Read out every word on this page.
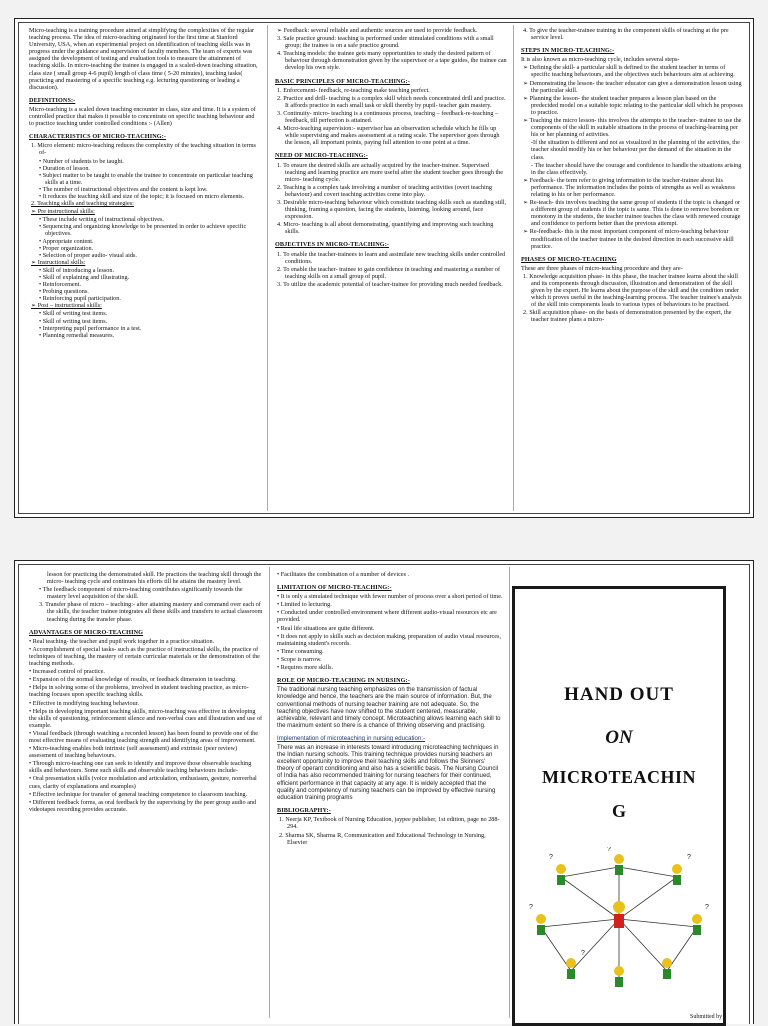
Micro-teaching is a training procedure aimed at simplifying the complexities of the regular teaching process. The idea of micro-teaching originated for the first time at Stanford University, USA, when an experimental project on identification of teaching skills was in progress under the guidance and supervision of faculty members. The team of experts was assigned the development of testing and evaluation tools to measure the attainment of teaching skills. In micro-teaching the trainee is engaged in a scaled-down teaching situation, class size ( small group 4-6 pupil) length of class time ( 5-20 minutes), teaching tasks( practicing and mastering of a specific teaching e.g. lecturing questioning or leading a discussion).

DEFINITIONS:-

Micro-teaching is a scaled down teaching encounter in class, size and time. It is a system of controlled practice that makes it possible to concentrate on specific teaching behaviour and to practice teaching under controlled conditions :- (Allen)

CHARACTERISTICS OF MICRO-TEACHING:-

1. Micro element: micro-teaching reduces the complexity of the teaching situation in terms of-

• Number of students to be taught.

• Duration of lesson.

• Subject matter to be taught to enable the trainee to concentrate on particular teaching skills at a time.

• The number of instructional objectives and the content is kept low.

• It reduces the teaching skill and size of the topic; it is focused on micro elements.

2. Teaching skills and teaching strategies:

➢ Pre instructional skills:

• These include writing of instructional objectives.

• Sequencing and organizing knowledge to be presented in order to achieve specific objectives.

• Appropriate content.

• Proper organization.

• Selection of proper audio- visual aids.

➢ Instructional skills:

• Skill of introducing a lesson.

• Skill of explaining and illustrating.

• Reinforcement.

• Probing questions.

• Reinforcing pupil participation.

➢ Post – instructional skills:

• Skill of writing test items.

• Skill of writing test items.

• Interpreting pupil performance in a test.

• Planning remedial measures.

➢ Feedback: several reliable and authentic sources are used to provide feedback.

3. Safe practice ground: teaching is performed under stimulated conditions with a small group; the trainee is on a safe practice ground.

4. Teaching models: the trainee gets many opportunities to study the desired pattern of behaviour through demonstration given by the supervisor or a tape guides, the trainee can develop his own style.

BASIC PRINCIPLES OF MICRO-TEACHING:-

1. Enforcement- feedback, re-teaching make teaching perfect.

2. Practice and drill- teaching is a complex skill which needs concentrated drill and practice. It affords practice in each small task or skill thereby by pupil- teacher gain mastery.

3. Continuity- micro- teaching is a continuous process, teaching – feedback-re-teaching – feedback, till perfection is attained.

4. Micro-teaching supervision:- supervisor has an observation schedule which he fills up while supervising and makes assessment at a rating scale. The supervisor goes through the lesson, all important points, paying full attention to one point at a time.

NEED OF MICRO-TEACHING:-

1. To ensure the desired skills are actually acquired by the teacher-trainee. Supervised teaching and learning practice are more useful after the student teacher goes through the micro- teaching cycle.

2. Teaching is a complex task involving a number of teaching activities (overt teaching behaviour) and covert teaching activities come into play.

3. Desirable micro-teaching behaviour which constitute teaching skills such as standing still, thinking, framing a question, facing the students, listening, looking around, face expression.

4. Micro- teaching is all about demonstrating, quantifying and improving such teaching skills.

OBJECTIVES IN MICRO-TEACHING:-

1. To enable the teacher-trainees to learn and assimilate new teaching skills under controlled conditions.

2. To enable the teacher- trainee to gain confidence in teaching and mastering a number of teaching skills on a small group of pupil.

3. To utilize the academic potential of teacher-trainee for providing much needed feedback.

4. To give the teacher-trainee training in the component skills of teaching at the pre service level.

STEPS IN MICRO-TEACHING:-

It is also known as micro-teaching cycle, includes several steps-

➢ Defining the skill- a particular skill is defined to the student teacher in terms of specific teaching behaviours, and the objectives such behaviours aim at achieving.

➢ Demonstrating the lesson- the teacher educator can give a demonstration lesson using the particular skill.

➢ Planning the lesson- the student teacher prepares a lesson plan based on the predecided model on a suitable topic relating to the particular skill which he proposes to practice.

➢ Teaching the micro lesson- this involves the attempts to the teacher- trainee to use the components of the skill in suitable situations in the process of teaching-learning per his or her planning of activities.

-If the situation is different and not as visualized in the planning of the activities, the teacher should modify his or her behaviour per the demand of the situation in the class.

- The teacher should have the courage and confidence to handle the situations arising in the class effectively.

➢ Feedback- the term refer to giving information to the teacher-trainee about his performance. The information includes the points of strengths as well as weakness relating to his or her performance.

➢ Re-teach- this involves teaching the same group of students if the topic is changed or a different group of students if the topic is same. This is done to remove boredom or monotony in the students, the teacher trainee teaches the class with renewed courage and confidence to perform better than the previous attempt.

➢ Re-feedback- this is the most important component of micro-teaching behaviour modification of the teacher trainee in the desired direction in each successive skill practice.

PHASES OF MICRO-TEACHING

These are three phases of micro-teaching procedure and they are-

1. Knowledge acquisition phase- in this phase, the teacher trainee learns about the skill and its components through discussion, illustration and demonstration of the skill given by the expert. He learns about the purpose of the skill and the condition under which it proves useful in the teaching-learning process. The teacher trainee's analysis of the skill into components leads to various types of behaviours to be practised.

2. Skill acquisition phase- on the basis of demonstration presented by the expert, the teacher trainee plans a micro-

lesson for practicing the demonstrated skill. He practices the teaching skill through the micro- teaching cycle and continues his efforts till he attains the mastery level.

• The feedback component of micro-teaching contributes significantly towards the mastery level acquisition of the skill.

3. Transfer phase of micro – teaching:- after attaining mastery and command over each of the skills, the teacher trainee integrates all these skills and transfers to actual classroom teaching during the transfer phase.

ADVANTAGES OF MICRO-TEACHING

• Real teaching- the teacher and pupil work together in a practice situation.

• Accomplishment of special tasks- such as the practice of instructional skills, the practice of techniques of teaching, the mastery of certain curricular materials or the demonstration of the teaching methods.

• Increased control of practice.

• Expansion of the normal knowledge of results, or feedback dimension in teaching.

• Helps in solving some of the problems, involved in student teaching practice, as micro-teaching focuses upon specific teaching skills.

• Effective in modifying teaching behaviour.

• Helps in developing important teaching skills, micro-teaching was effective in developing the skills of questioning, reinforcement silence and non-verbal cues and illustration and use of example.

• Visual feedback (through watching a recorded lesson) has been found to provide one of the most effective means of evaluating teaching strength and identifying areas of improvement.

• Micro-teaching enables both intrinsic (self assessment) and extrinsic (peer review) assessment of teaching behaviours.

• Through micro-teaching one can seek to identify and improve those observable teaching skills and behaviours. Some such skills and observable teaching behaviours include-

• Oral presentation skills (voice modulation and articulation, enthusiasm, gesture, nonverbal cues, clarity of explanations and examples)

• Effective technique for transfer of general teaching competence to classroom teaching.

• Different feedback forms, as oral feedback by the supervising by the peer group audio and videotapes recording provides accurate.

• Facilitates the combination of a number of devices .

LIMITATION OF MICRO-TEACHING:-

• It is only a simulated technique with fewer number of process over a short period of time.

• Limited to lecturing.

• Conducted under controlled environment where different audio-visual resources etc are provided.

• Real life situations are quite different.

• It does not apply to skills such as decision making, preparation of audio visual resources, maintaining student's records.

• Time consuming.

• Scope is narrow.

• Requires more skills.

ROLE OF MICRO-TEACHING IN NURSING:-

The traditional nursing teaching emphasizes on the transmission of factual knowledge and hence, the teachers are the main source of information. But, the conventional methods of nursing teacher training are not adequate. So, the teaching objectives have now shifted to the student centered, measurable, achievable, relevant and timely concept. Microteaching allows learning each skill to the maximum extent so there is a chance of thriving observing and practising.

Implementation of microteaching in nursing education:-

There was an increase in interests toward introducing microteaching techniques in the Indian nursing schools. This training technique provides nursing teachers an excellent opportunity to improve their teaching skills and follows the Skinners' theory of operant conditioning and also has a scientific basis. The Nursing Council of India has also recommended training for nursing teachers for their continued, efficient performance in that capacity at any age. It is widely accepted that the quality and competency of nursing teachers can be improved by effective nursing education training programs

BIBLIOGRAPHY:-

1. Neerja KP, Textbook of Nursing Education, jaypee publisher, 1st edition, page no 288-294.

2. Sharma SK, Sharma R, Communication and Educational Technology in Nursing, Elsevier

HAND OUT
ON
MICROTEACHIN
G
?	?
?
?	?
?
Submitted by
